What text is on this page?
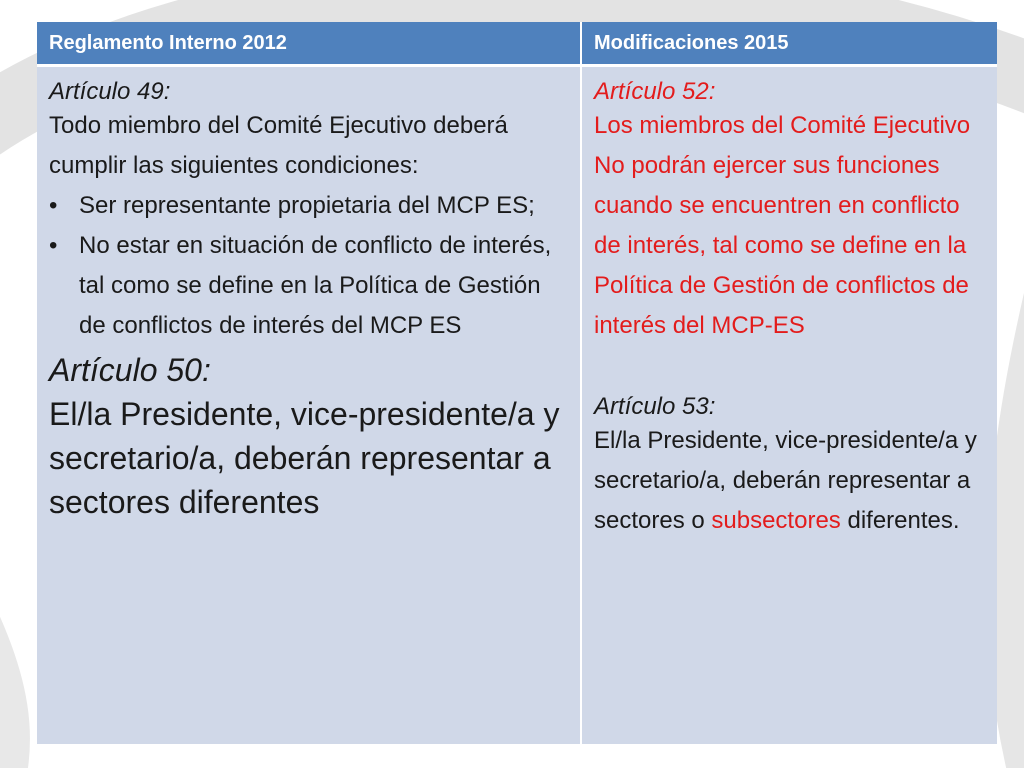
Reglamento Interno 2012	Modificaciones 2015
Artículo 49:
Todo miembro del Comité Ejecutivo deberá cumplir las siguientes condiciones:
• Ser representante propietaria del MCP ES;
• No estar en situación de conflicto de interés, tal como se define en la Política de Gestión de conflictos de interés del MCP ES
Artículo 50:
El/la Presidente, vice-presidente/a y secretario/a, deberán representar a sectores diferentes
Artículo 52:
Los miembros del Comité Ejecutivo No podrán ejercer sus funciones cuando se encuentren en conflicto de interés, tal como se define en la Política de Gestión de conflictos de interés del MCP-ES
Artículo 53:
El/la Presidente, vice-presidente/a y secretario/a, deberán representar a sectores o subsectores diferentes.
